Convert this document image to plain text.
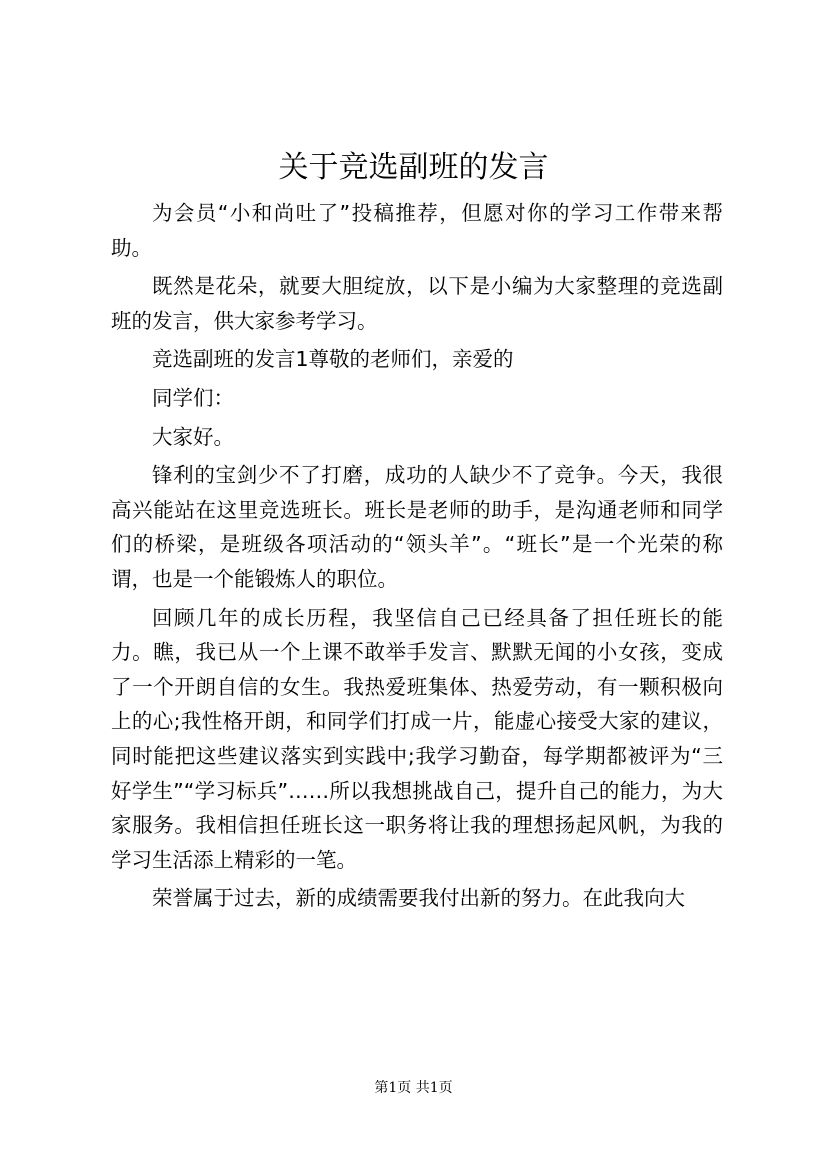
关于竞选副班的发言

为会员“小和尚吐了”投稿推荐，但愿对你的学习工作带来帮助。

既然是花朵，就要大胆绽放，以下是小编为大家整理的竞选副班的发言，供大家参考学习。

竞选副班的发言1尊敬的老师们，亲爱的

同学们：

大家好。

锋利的宝剑少不了打磨，成功的人缺少不了竞争。今天，我很高兴能站在这里竞选班长。班长是老师的助手，是沟通老师和同学们的桥梁，是班级各项活动的“领头羊”。“班长”是一个光荣的称谓，也是一个能锻炼人的职位。

回顾几年的成长历程，我坚信自己已经具备了担任班长的能力。瞧，我已从一个上课不敢举手发言、默默无闻的小女孩，变成了一个开朗自信的女生。我热爱班集体、热爱劳动，有一颗积极向上的心;我性格开朗，和同学们打成一片，能虚心接受大家的建议，同时能把这些建议落实到实践中;我学习勤奋，每学期都被评为“三好学生”“学习标兵”……所以我想挑战自己，提升自己的能力，为大家服务。我相信担任班长这一职务将让我的理想扬起风帆，为我的学习生活添上精彩的一笔。

荣誉属于过去，新的成绩需要我付出新的努力。在此我向大

第1页 共1页
